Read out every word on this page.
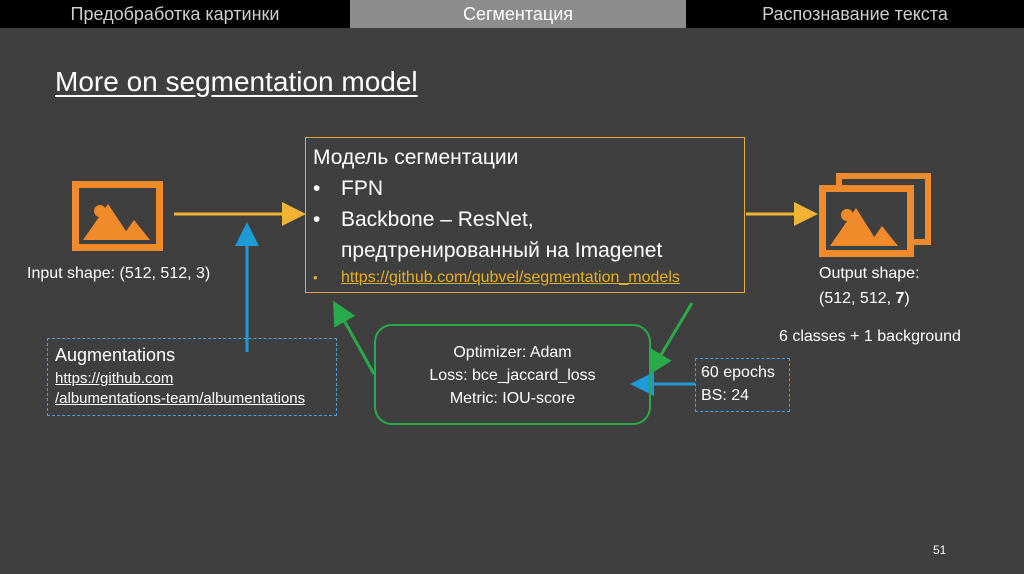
Предобработка картинки	Сегментация	Распознавание текста
More on segmentation model
Модель сегментации
• FPN
• Backbone – ResNet,
предтренированный на Imagenet
• https://github.com/qubvel/segmentation_models
Input shape: (512, 512, 3)	Output shape:
(512, 512, 7)
6 classes + 1 background
Augmentations
https://github.com
/albumentations-team/albumentations
Optimizer: Adam
Loss: bce_jaccard_loss
Metric: IOU-score
60 epochs
BS: 24
51
